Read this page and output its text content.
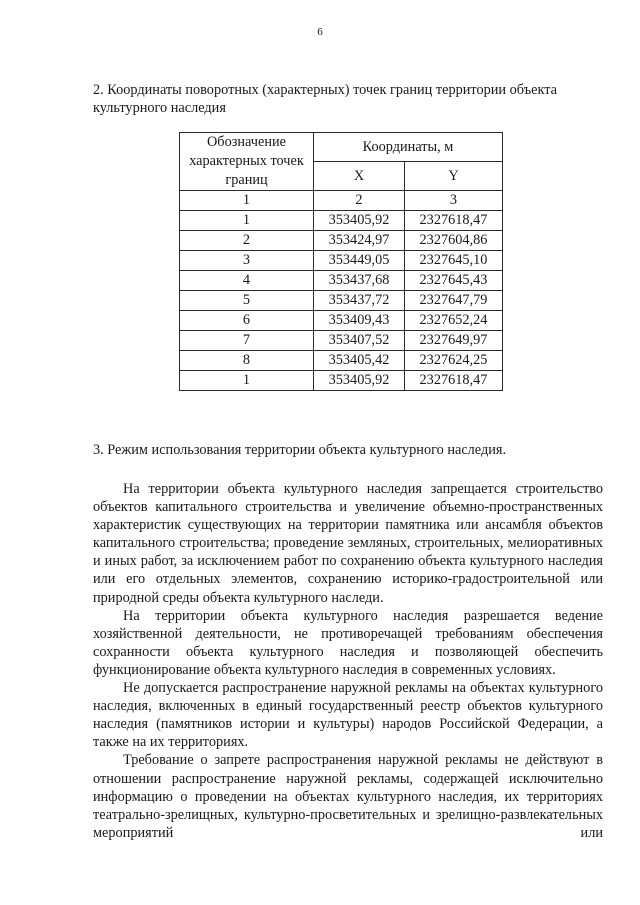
6
2. Координаты поворотных (характерных) точек границ территории объекта культурного наследия
Обозначение характерных точек границ	Координаты, м	
	X	Y
1	2	3
1	353405,92	2327618,47
2	353424,97	2327604,86
3	353449,05	2327645,10
4	353437,68	2327645,43
5	353437,72	2327647,79
6	353409,43	2327652,24
7	353407,52	2327649,97
8	353405,42	2327624,25
1	353405,92	2327618,47
3. Режим использования территории объекта культурного наследия.

На территории объекта культурного наследия запрещается строительство объектов капитального строительства и увеличение объемно-пространственных характеристик существующих на территории памятника или ансамбля объектов капитального строительства; проведение земляных, строительных, мелиоративных и иных работ, за исключением работ по сохранению объекта культурного наследия или его отдельных элементов, сохранению историко-градостроительной или природной среды объекта культурного наследи.

На территории объекта культурного наследия разрешается ведение хозяйственной деятельности, не противоречащей требованиям обеспечения сохранности объекта культурного наследия и позволяющей обеспечить функционирование объекта культурного наследия в современных условиях.

Не допускается распространение наружной рекламы на объектах культурного наследия, включенных в единый государственный реестр объектов культурного наследия (памятников истории и культуры) народов Российской Федерации, а также на их территориях.

Требование о запрете распространения наружной рекламы не действуют в отношении распространение наружной рекламы, содержащей исключительно информацию о проведении на объектах культурного наследия, их территориях театрально-зрелищных, культурно-просветительных и зрелищно-развлекательных мероприятий или
